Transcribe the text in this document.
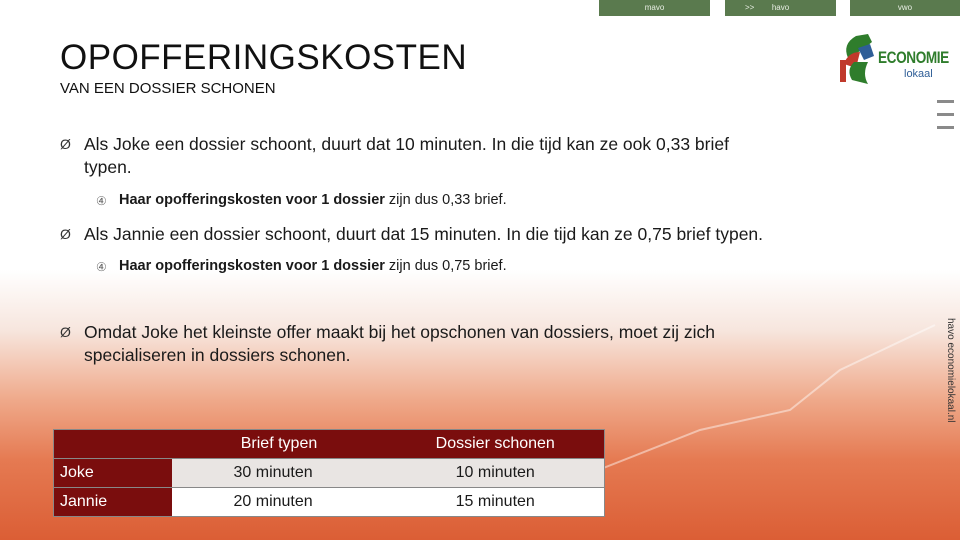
mavo	>> havo	vwo
OPOFFERINGSKOSTEN
VAN EEN DOSSIER SCHONEN
ECONOMIE
lokaal
havo economielokaal.nl
Ø Als Joke een dossier schoont, duurt dat 10 minuten. In die tijd kan ze ook 0,33 brief
typen.
④ Haar opofferingskosten voor 1 dossier zijn dus 0,33 brief.
Ø Als Jannie een dossier schoont, duurt dat 15 minuten. In die tijd kan ze 0,75 brief typen.
④ Haar opofferingskosten voor 1 dossier zijn dus 0,75 brief.
Ø Omdat Joke het kleinste offer maakt bij het opschonen van dossiers, moet zij zich
specialiseren in dossiers schonen.
	Brief typen	Dossier schonen
Joke	30 minuten	10 minuten
Jannie	20 minuten	15 minuten
